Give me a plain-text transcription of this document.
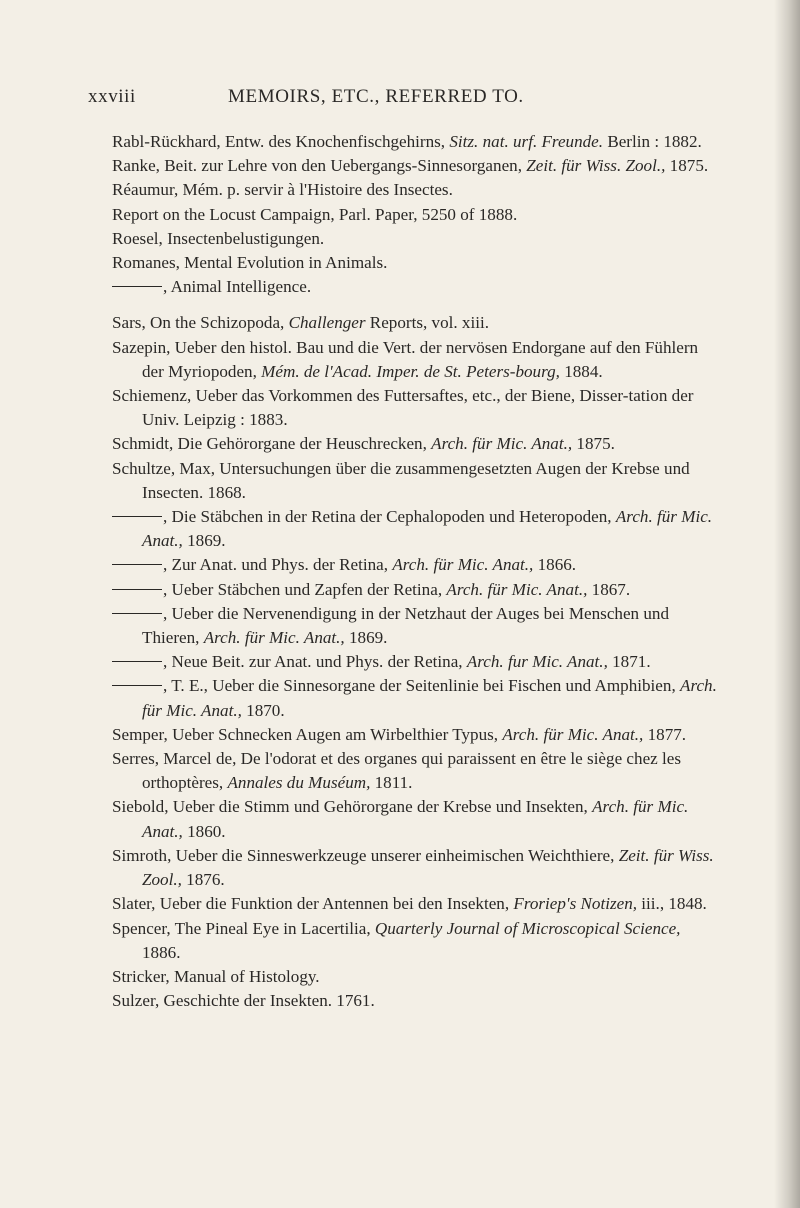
xxviii	MEMOIRS, ETC., REFERRED TO.

Rabl-Rückhard, Entw. des Knochenfischgehirns, Sitz. nat. urf. Freunde. Berlin : 1882.

Ranke, Beit. zur Lehre von den Uebergangs-Sinnesorganen, Zeit. für Wiss. Zool., 1875.

Réaumur, Mém. p. servir à l'Histoire des Insectes.

Report on the Locust Campaign, Parl. Paper, 5250 of 1888.

Roesel, Insectenbelustigungen.

Romanes, Mental Evolution in Animals.

, Animal Intelligence.

Sars, On the Schizopoda, Challenger Reports, vol. xiii.

Sazepin, Ueber den histol. Bau und die Vert. der nervösen Endorgane auf den Fühlern der Myriopoden, Mém. de l'Acad. Imper. de St. Peters-bourg, 1884.

Schiemenz, Ueber das Vorkommen des Futtersaftes, etc., der Biene, Disser-tation der Univ. Leipzig : 1883.

Schmidt, Die Gehörorgane der Heuschrecken, Arch. für Mic. Anat., 1875.

Schultze, Max, Untersuchungen über die zusammengesetzten Augen der Krebse und Insecten. 1868.

, Die Stäbchen in der Retina der Cephalopoden und Heteropoden, Arch. für Mic. Anat., 1869.

, Zur Anat. und Phys. der Retina, Arch. für Mic. Anat., 1866.

, Ueber Stäbchen und Zapfen der Retina, Arch. für Mic. Anat., 1867.

, Ueber die Nervenendigung in der Netzhaut der Auges bei Menschen und Thieren, Arch. für Mic. Anat., 1869.

, Neue Beit. zur Anat. und Phys. der Retina, Arch. fur Mic. Anat., 1871.

, T. E., Ueber die Sinnesorgane der Seitenlinie bei Fischen und Amphibien, Arch. für Mic. Anat., 1870.

Semper, Ueber Schnecken Augen am Wirbelthier Typus, Arch. für Mic. Anat., 1877.

Serres, Marcel de, De l'odorat et des organes qui paraissent en être le siège chez les orthoptères, Annales du Muséum, 1811.

Siebold, Ueber die Stimm und Gehörorgane der Krebse und Insekten, Arch. für Mic. Anat., 1860.

Simroth, Ueber die Sinneswerkzeuge unserer einheimischen Weichthiere, Zeit. für Wiss. Zool., 1876.

Slater, Ueber die Funktion der Antennen bei den Insekten, Froriep's Notizen, iii., 1848.

Spencer, The Pineal Eye in Lacertilia, Quarterly Journal of Microscopical Science, 1886.

Stricker, Manual of Histology.

Sulzer, Geschichte der Insekten. 1761.
